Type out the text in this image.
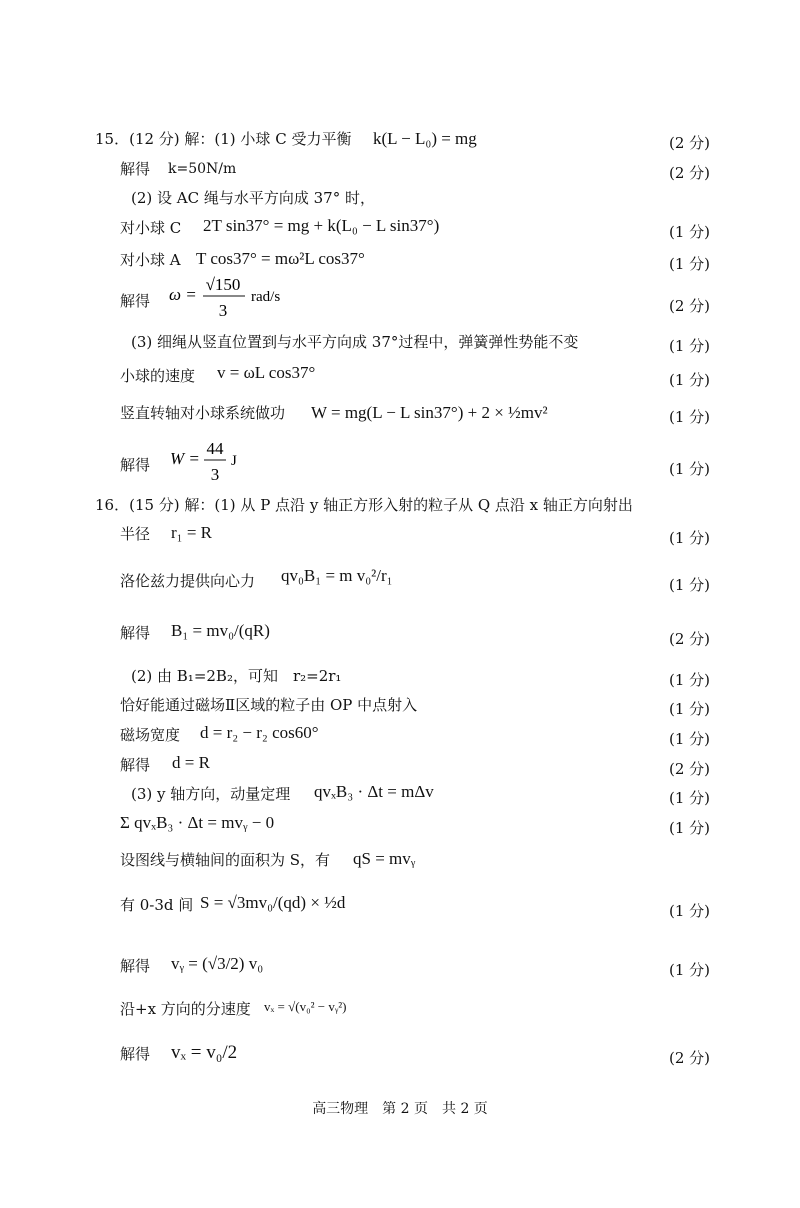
15．(12 分) 解：(1) 小球 C 受力平衡 k(L − L₀) = mg	(2 分)
解得 k=50N/m	(2 分)
(2) 设 AC 绳与水平方向成 37° 时，
对小球 C 2T sin37° = mg + k(L₀ − L sin37°)	(1 分)
对小球 A T cos37° = mω²L cos37°	(1 分)
解得 ω =
√150
3
rad/s	(2 分)
(3) 细绳从竖直位置到与水平方向成 37°过程中，弹簧弹性势能不变	(1 分)
小球的速度 v = ωL cos37°	(1 分)
竖直转轴对小球系统做功 W = mg(L − L sin37°) + 2 × ½mv²	(1 分)
解得 W =
44
3
J	(1 分)
16．(15 分) 解：(1) 从 P 点沿 y 轴正方形入射的粒子从 Q 点沿 x 轴正方向射出
半径 r₁ = R	(1 分)
洛伦兹力提供向心力 qv₀B₁ = m v₀²/r₁	(1 分)
解得 B₁ = mv₀/(qR)	(2 分)
(2) 由 B₁=2B₂，可知　r₂=2r₁	(1 分)
恰好能通过磁场Ⅱ区域的粒子由 OP 中点射入	(1 分)
磁场宽度 d = r₂ − r₂ cos60°	(1 分)
解得 d = R	(2 分)
(3) y 轴方向，动量定理 qvₓB₃ · Δt = mΔv	(1 分)
Σ qvₓB₃ · Δt = mvᵧ − 0	(1 分)
设图线与横轴间的面积为 S，有 qS = mvᵧ
有 0-3d 间 S = √3mv₀/(qd) × ½d	(1 分)
解得 vᵧ = (√3/2) v₀	(1 分)
沿+x 方向的分速度 vₓ = √(v₀² − vᵧ²)
解得 vₓ = v₀/2	(2 分)
高三物理　第 2 页　共 2 页
